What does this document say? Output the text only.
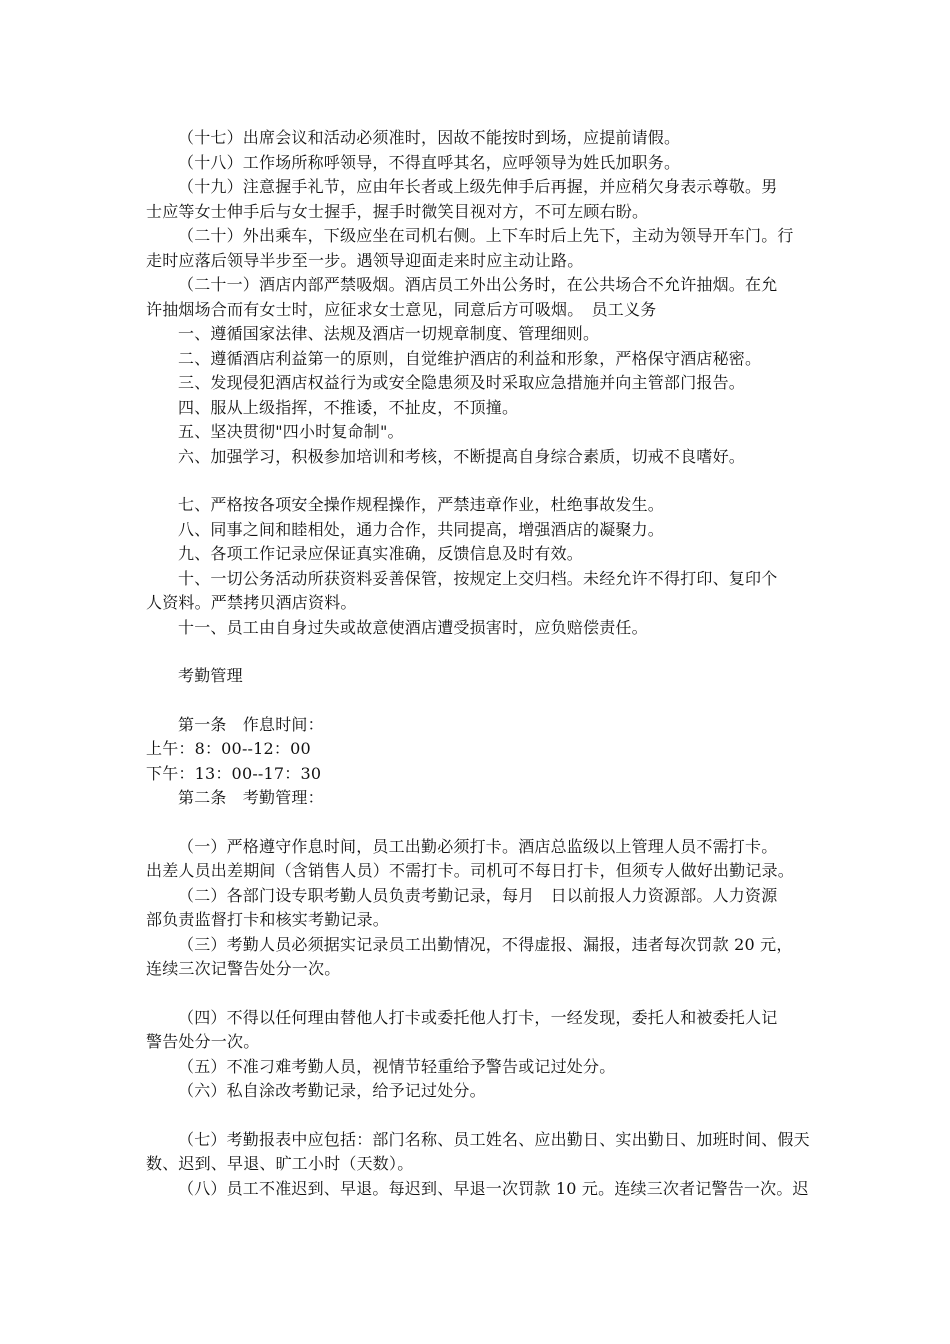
（十七）出席会议和活动必须准时，因故不能按时到场，应提前请假。

（十八）工作场所称呼领导，不得直呼其名，应呼领导为姓氏加职务。

（十九）注意握手礼节，应由年长者或上级先伸手后再握，并应稍欠身表示尊敬。男
士应等女士伸手后与女士握手，握手时微笑目视对方，不可左顾右盼。

（二十）外出乘车，下级应坐在司机右侧。上下车时后上先下，主动为领导开车门。行
走时应落后领导半步至一步。遇领导迎面走来时应主动让路。

（二十一）酒店内部严禁吸烟。酒店员工外出公务时，在公共场合不允许抽烟。在允
许抽烟场合而有女士时，应征求女士意见，同意后方可吸烟。　员工义务

一、遵循国家法律、法规及酒店一切规章制度、管理细则。

二、遵循酒店利益第一的原则，自觉维护酒店的利益和形象，严格保守酒店秘密。

三、发现侵犯酒店权益行为或安全隐患须及时采取应急措施并向主管部门报告。

四、服从上级指挥，不推诿，不扯皮，不顶撞。

五、坚决贯彻"四小时复命制"。

六、加强学习，积极参加培训和考核，不断提高自身综合素质，切戒不良嗜好。

七、严格按各项安全操作规程操作，严禁违章作业，杜绝事故发生。

八、同事之间和睦相处，通力合作，共同提高，增强酒店的凝聚力。

九、各项工作记录应保证真实准确，反馈信息及时有效。

十、一切公务活动所获资料妥善保管，按规定上交归档。未经允许不得打印、复印个
人资料。严禁拷贝酒店资料。

十一、员工由自身过失或故意使酒店遭受损害时，应负赔偿责任。

考勤管理

第一条　作息时间：

上午：8：00--12：00

下午：13：00--17：30

第二条　考勤管理：

（一）严格遵守作息时间，员工出勤必须打卡。酒店总监级以上管理人员不需打卡。
出差人员出差期间（含销售人员）不需打卡。司机可不每日打卡，但须专人做好出勤记录。

（二）各部门设专职考勤人员负责考勤记录，每月　日以前报人力资源部。人力资源
部负责监督打卡和核实考勤记录。

（三）考勤人员必须据实记录员工出勤情况，不得虚报、漏报，违者每次罚款 20 元，
连续三次记警告处分一次。

（四）不得以任何理由替他人打卡或委托他人打卡，一经发现，委托人和被委托人记
警告处分一次。

（五）不准刁难考勤人员，视情节轻重给予警告或记过处分。

（六）私自涂改考勤记录，给予记过处分。

（七）考勤报表中应包括：部门名称、员工姓名、应出勤日、实出勤日、加班时间、假天
数、迟到、早退、旷工小时（天数）。

（八）员工不准迟到、早退。每迟到、早退一次罚款 10 元。连续三次者记警告一次。迟
